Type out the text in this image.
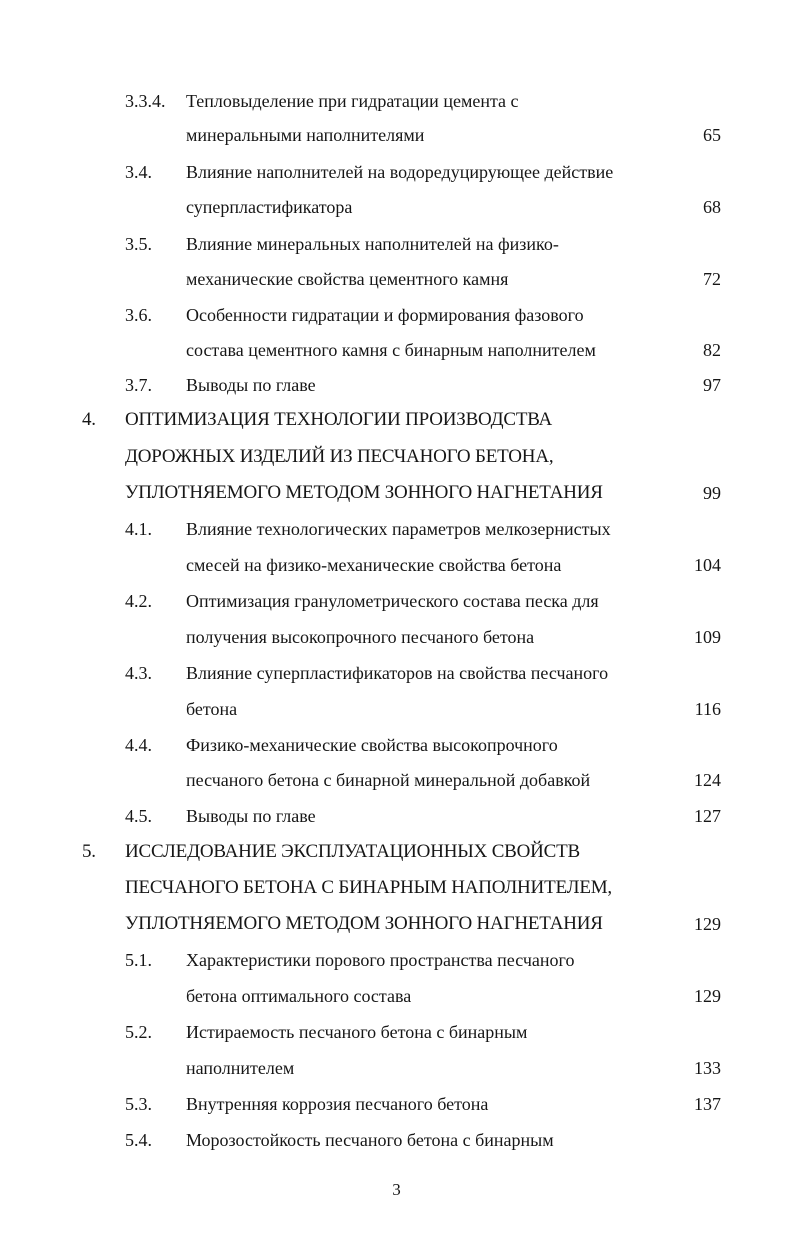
3.3.4. Тепловыделение при гидратации цемента с
минеральными наполнителями	65
3.4. Влияние наполнителей на водоредуцирующее действие
суперпластификатора	68
3.5. Влияние минеральных наполнителей на физико-
механические свойства цементного камня	72
3.6. Особенности гидратации и формирования фазового
состава цементного камня с бинарным наполнителем	82
3.7. Выводы по главе	97
4. ОПТИМИЗАЦИЯ ТЕХНОЛОГИИ ПРОИЗВОДСТВА
ДОРОЖНЫХ ИЗДЕЛИЙ ИЗ ПЕСЧАНОГО БЕТОНА,
УПЛОТНЯЕМОГО МЕТОДОМ ЗОННОГО НАГНЕТАНИЯ	99
4.1. Влияние технологических параметров мелкозернистых
смесей на физико-механические свойства бетона	104
4.2. Оптимизация гранулометрического состава песка для
получения высокопрочного песчаного бетона	109
4.3. Влияние суперпластификаторов на свойства песчаного
бетона	116
4.4. Физико-механические свойства высокопрочного
песчаного бетона с бинарной минеральной добавкой	124
4.5. Выводы по главе	127
5. ИССЛЕДОВАНИЕ ЭКСПЛУАТАЦИОННЫХ СВОЙСТВ
ПЕСЧАНОГО БЕТОНА С БИНАРНЫМ НАПОЛНИТЕЛЕМ,
УПЛОТНЯЕМОГО МЕТОДОМ ЗОННОГО НАГНЕТАНИЯ	129
5.1. Характеристики порового пространства песчаного
бетона оптимального состава	129
5.2. Истираемость песчаного бетона с бинарным
наполнителем	133
5.3. Внутренняя коррозия песчаного бетона	137
5.4. Морозостойкость песчаного бетона с бинарным
3
